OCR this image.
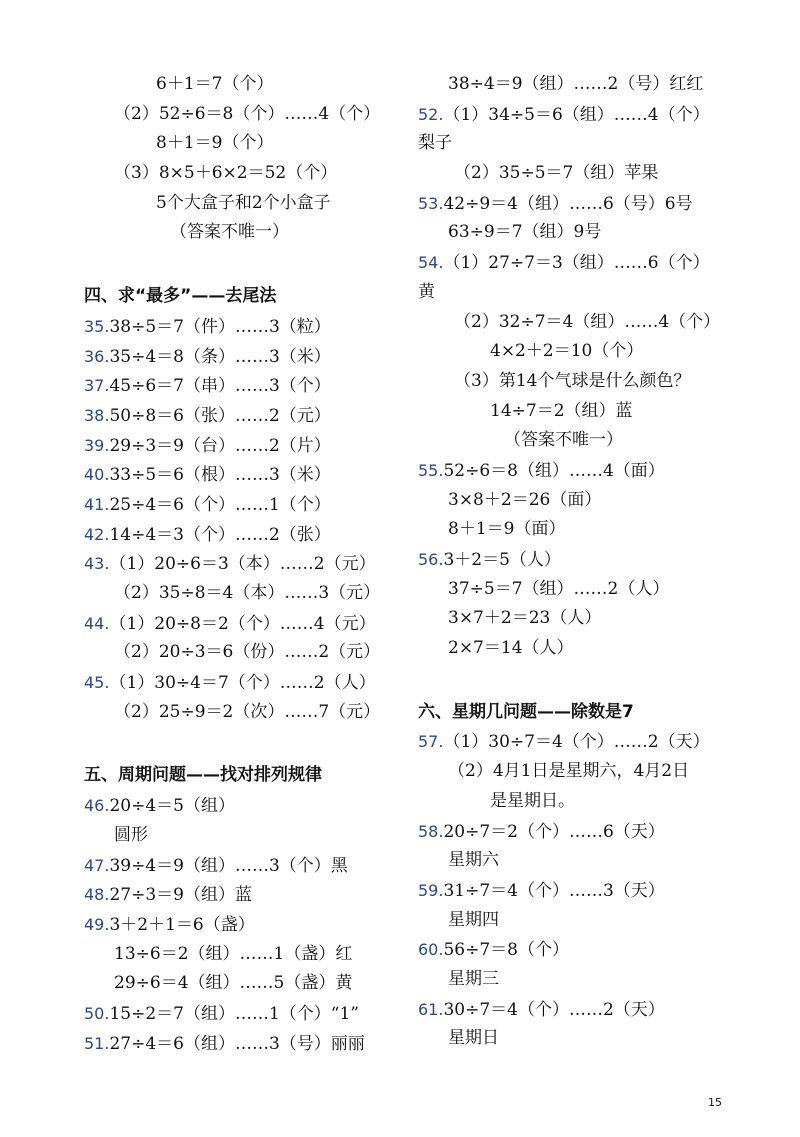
6＋1＝7（个）
（2）52÷6＝8（个）……4（个）
8＋1＝9（个）
（3）8×5＋6×2＝52（个）
5个大盒子和2个小盒子
（答案不唯一）
四、求“最多”——去尾法
35.38÷5＝7（件）……3（粒）
36.35÷4＝8（条）……3（米）
37.45÷6＝7（串）……3（个）
38.50÷8＝6（张）……2（元）
39.29÷3＝9（台）……2（片）
40.33÷5＝6（根）……3（米）
41.25÷4＝6（个）……1（个）
42.14÷4＝3（个）……2（张）
43.（1）20÷6＝3（本）……2（元）
（2）35÷8＝4（本）……3（元）
44.（1）20÷8＝2（个）……4（元）
（2）20÷3＝6（份）……2（元）
45.（1）30÷4＝7（个）……2（人）
（2）25÷9＝2（次）……7（元）
五、周期问题——找对排列规律
46.20÷4＝5（组）
圆形
47.39÷4＝9（组）……3（个）黑
48.27÷3＝9（组）蓝
49.3＋2＋1＝6（盏）
13÷6＝2（组）……1（盏）红
29÷6＝4（组）……5（盏）黄
50.15÷2＝7（组）……1（个）“1”
51.27÷4＝6（组）……3（号）丽丽
38÷4＝9（组）……2（号）红红
52.（1）34÷5＝6（组）……4（个）
梨子
（2）35÷5＝7（组）苹果
53.42÷9＝4（组）……6（号）6号
63÷9＝7（组）9号
54.（1）27÷7＝3（组）……6（个）
黄
（2）32÷7＝4（组）……4（个）
4×2＋2＝10（个）
（3）第14个气球是什么颜色？
14÷7＝2（组）蓝
（答案不唯一）
55.52÷6＝8（组）……4（面）
3×8＋2＝26（面）
8＋1＝9（面）
56.3＋2＝5（人）
37÷5＝7（组）……2（人）
3×7＋2＝23（人）
2×7＝14（人）
六、星期几问题——除数是7
57.（1）30÷7＝4（个）……2（天）
（2）4月1日是星期六，4月2日
是星期日。
58.20÷7＝2（个）……6（天）
星期六
59.31÷7＝4（个）……3（天）
星期四
60.56÷7＝8（个）
星期三
61.30÷7＝4（个）……2（天）
星期日
15
